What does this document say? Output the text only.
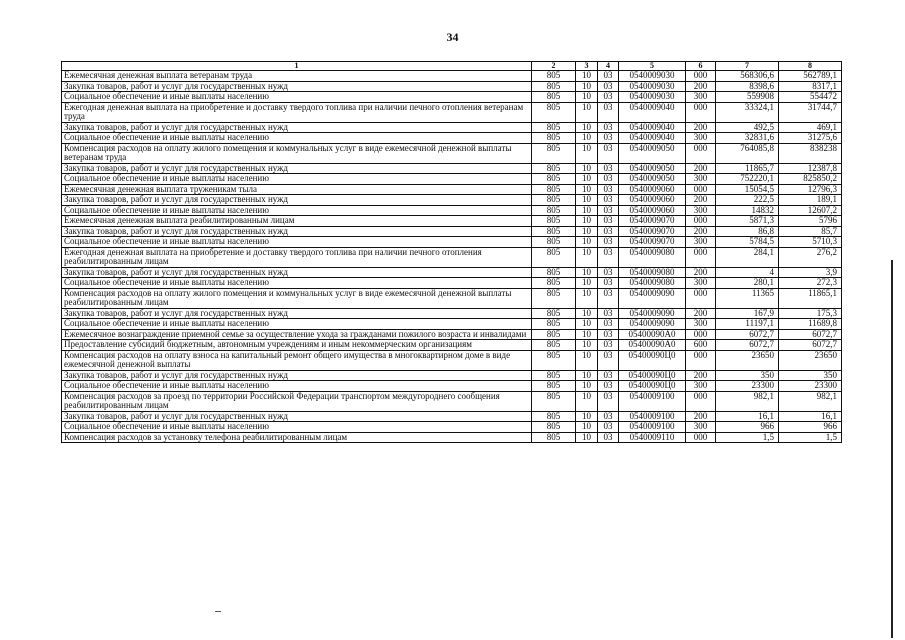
34
1	2	3	4	5	6	7	8
Ежемесячная денежная выплата ветеранам труда	805	10	03	0540009030	000	568306,6	562789,1
Закупка товаров, работ и услуг для государственных нужд	805	10	03	0540009030	200	8398,6	8317,1
Социальное обеспечение и иные выплаты населению	805	10	03	0540009030	300	559908	554472
Ежегодная денежная выплата на приобретение и доставку твердого топлива при наличии печного отопления ветеранам труда	805	10	03	0540009040	000	33324,1	31744,7
Закупка товаров, работ и услуг для государственных нужд	805	10	03	0540009040	200	492,5	469,1
Социальное обеспечение и иные выплаты населению	805	10	03	0540009040	300	32831,6	31275,6
Компенсация расходов на оплату жилого помещения и коммунальных услуг в виде ежемесячной денежной выплаты ветеранам труда	805	10	03	0540009050	000	764085,8	838238
Закупка товаров, работ и услуг для государственных нужд	805	10	03	0540009050	200	11865,7	12387,8
Социальное обеспечение и иные выплаты населению	805	10	03	0540009050	300	752220,1	825850,2
Ежемесячная денежная выплата труженикам тыла	805	10	03	0540009060	000	15054,5	12796,3
Закупка товаров, работ и услуг для государственных нужд	805	10	03	0540009060	200	222,5	189,1
Социальное обеспечение и иные выплаты населению	805	10	03	0540009060	300	14832	12607,2
Ежемесячная денежная выплата реабилитированным лицам	805	10	03	0540009070	000	5871,3	5796
Закупка товаров, работ и услуг для государственных нужд	805	10	03	0540009070	200	86,8	85,7
Социальное обеспечение и иные выплаты населению	805	10	03	0540009070	300	5784,5	5710,3
Ежегодная денежная выплата на приобретение и доставку твердого топлива при наличии печного отопления реабилитированным лицам	805	10	03	0540009080	000	284,1	276,2
Закупка товаров, работ и услуг для государственных нужд	805	10	03	0540009080	200	4	3,9
Социальное обеспечение и иные выплаты населению	805	10	03	0540009080	300	280,1	272,3
Компенсация расходов на оплату жилого помещения и коммунальных услуг в виде ежемесячной денежной выплаты реабилитированным лицам	805	10	03	0540009090	000	11365	11865,1
Закупка товаров, работ и услуг для государственных нужд	805	10	03	0540009090	200	167,9	175,3
Социальное обеспечение и иные выплаты населению	805	10	03	0540009090	300	11197,1	11689,8
Ежемесячное вознаграждение приемной семье за осуществление ухода за гражданами пожилого возраста и инвалидами	805	10	03	05400090A0	000	6072,7	6072,7
Предоставление субсидий бюджетным, автономным учреждениям и иным некоммерческим организациям	805	10	03	05400090A0	600	6072,7	6072,7
Компенсация расходов на оплату взноса на капитальный ремонт общего имущества в многоквартирном доме в виде ежемесячной денежной выплаты	805	10	03	05400090Ц0	000	23650	23650
Закупка товаров, работ и услуг для государственных нужд	805	10	03	05400090Ц0	200	350	350
Социальное обеспечение и иные выплаты населению	805	10	03	05400090Ц0	300	23300	23300
Компенсация расходов за проезд по территории Российской Федерации транспортом междугороднего сообщения реабилитированным лицам	805	10	03	0540009100	000	982,1	982,1
Закупка товаров, работ и услуг для государственных нужд	805	10	03	0540009100	200	16,1	16,1
Социальное обеспечение и иные выплаты населению	805	10	03	0540009100	300	966	966
Компенсация расходов за установку телефона реабилитированным лицам	805	10	03	0540009110	000	1,5	1,5
